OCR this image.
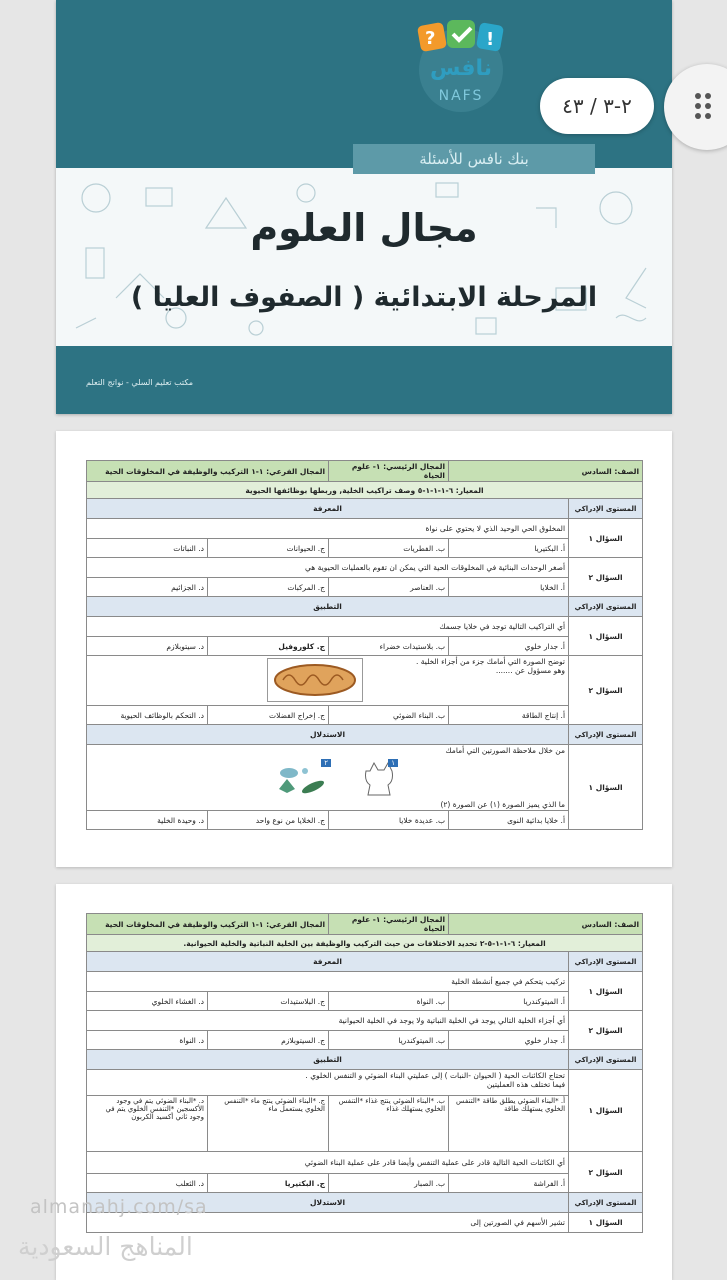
?	!
نافس
NAFS
بنك نافس للأسئلة
مجال العلوم
المرحلة الابتدائية ( الصفوف العليا )
مكتب تعليم السلي - نواتج التعلم
٢-٣ / ٤٣
الصف: السادس		المجال الرئيسي: ١- علوم الحياة	المجال الفرعي: ١-١ التركيب والوظيفة في المخلوقات الحية	
المعيار: ٦-١-١-١-٥ وصف تراكيب الخلية, وربطها بوظائفها الحيوية				
المستوى الإدراكي	المعرفة			
السؤال ١	المخلوق الحي الوحيد الذي لا يحتوي على نواة			
	أ. البكتيريا	ب. الفطريات	ج. الحيوانات	د. النباتات
السؤال ٢	أصغر الوحدات البنائية في المخلوقات الحية التي يمكن ان تقوم بالعمليات الحيوية هي			
	أ. الخلايا	ب. العناصر	ج. المركبات	د. الجزائيم
المستوى الإدراكي	التطبيق			
السؤال ١	أي التراكيب التالية توجد في خلايا جسمك			
	أ. جدار خلوي	ب. بلاستيدات خضراء	ج. كلوروفيل	د. سيتوبلازم
السؤال ٢	توضح الصورة التي أمامك جزء من أجزاء الخلية .
وهو مسؤول عن .......			

	أ. إنتاج الطاقة	ب. البناء الضوئي	ج. إخراج الفضلات	د. التحكم بالوظائف الحيوية
المستوى الإدراكي	الاستدلال			
السؤال ١	من خلال ملاحظة الصورتين التي أمامك
ما الذي يميز الصورة (١) عن الصورة (٢)
١
٢			

	أ. خلايا بدائية النوى	ب. عديدة خلايا	ج. الخلايا من نوع واحد	د. وحيدة الخلية
الصف: السادس		المجال الرئيسي: ١- علوم الحياة	المجال الفرعي: ١-١ التركيب والوظيفة في المخلوقات الحية	
المعيار: ٦-١-١-٥-٢ تحديد الاختلافات من حيث التركيب والوظيفة بين الخلية النباتية والخلية الحيوانية.				
المستوى الإدراكي	المعرفة			
السؤال ١	تركيب يتحكم في جميع أنشطة الخلية			
	أ. الميتوكندريا	ب. النواة	ج. البلاستيدات	د. الغشاء الخلوي
السؤال ٢	أي أجزاء الخلية التالي يوجد في الخلية النباتية ولا يوجد في الخلية الحيوانية			
	أ. جدار خلوي	ب. الميتوكندريا	ج. السيتوبلازم	د. النواة
المستوى الإدراكي	التطبيق			
السؤال ١	تحتاج الكائنات الحية ( الحيوان -النبات ) إلى عمليتي البناء الضوئي و التنفس الخلوي .
فيما تختلف هذه العمليتين			

	أ. *البناء الضوئي يطلق طاقة *التنفس الخلوي يستهلك طاقة	ب. *البناء الضوئي ينتج غذاء *التنفس الخلوي يستهلك غذاء	ج. *البناء الضوئي ينتج ماء *التنفس الخلوي يستعمل ماء	د. *البناء الضوئي يتم في وجود الأكسجين *التنفس الخلوي يتم في وجود ثاني أكسيد الكربون
السؤال ٢	أي الكائنات الحية التالية قادر على عملية التنفس وأيضا قادر على عملية البناء الضوئي			
	أ. الفراشة	ب. الصبار	ج. البكتيريا	د. الثعلب
المستوى الإدراكي	الاستدلال			
السؤال ١	تشير الأسهم في الصورتين إلى			
almanahj.com/sa
المناهج السعودية
